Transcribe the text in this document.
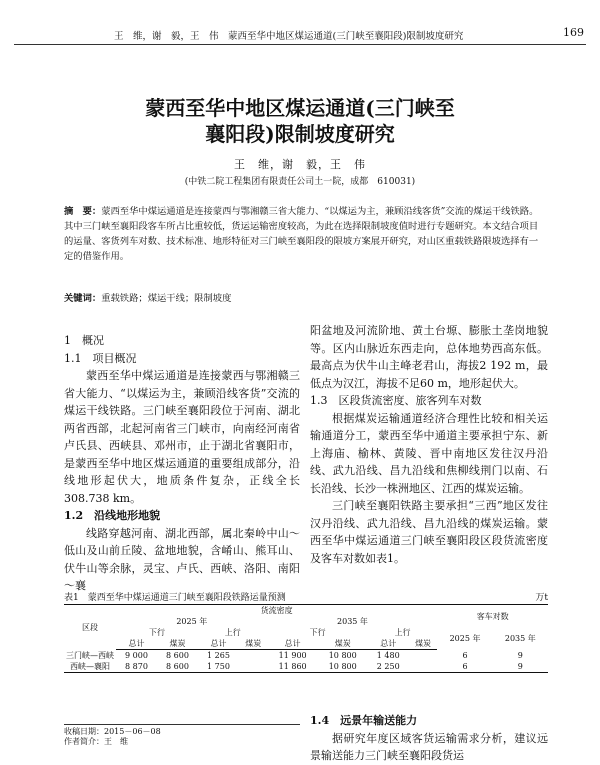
王　维，谢　毅，王　伟　蒙西至华中地区煤运通道(三门峡至襄阳段)限制坡度研究	169
蒙西至华中地区煤运通道(三门峡至
襄阳段)限制坡度研究
王　维，谢　毅，王　伟
(中铁二院工程集团有限责任公司土一院，成都　610031)
摘　要：蒙西至华中煤运通道是连接蒙西与鄂湘赣三省大能力、“以煤运为主，兼顾沿线客货”交流的煤运干线铁路。其中三门峡至襄阳段客车所占比重较低，货运运输密度较高，为此在选择限制坡度值时进行专题研究。本文结合项目的运量、客货列车对数、技术标准、地形特征对三门峡至襄阳段的限坡方案展开研究，对山区重载铁路限坡选择有一定的借鉴作用。
关键词：重载铁路；煤运干线；限制坡度

1　概况

1.1　项目概况

蒙西至华中煤运通道是连接蒙西与鄂湘赣三省大能力、“以煤运为主，兼顾沿线客货”交流的煤运干线铁路。三门峡至襄阳段位于河南、湖北两省西部，北起河南省三门峡市，向南经河南省卢氏县、西峡县、邓州市，止于湖北省襄阳市，是蒙西至华中地区煤运通道的重要组成部分，沿线地形起伏大，地质条件复杂，正线全长308.738 km。

1.2　沿线地形地貌

线路穿越河南、湖北西部，属北秦岭中山～低山及山前丘陵、盆地地貌，含崤山、熊耳山、伏牛山等余脉，灵宝、卢氏、西峡、洛阳、南阳～襄

阳盆地及河流阶地、黄土台塬、膨胀土垄岗地貌等。区内山脉近东西走向，总体地势西高东低。最高点为伏牛山主峰老君山，海拔2 192 m，最低点为汉江，海拔不足60 m，地形起伏大。

1.3　区段货流密度、旅客列车对数

根据煤炭运输通道经济合理性比较和相关运输通道分工，蒙西至华中通道主要承担宁东、新上海庙、榆林、黄陵、晋中南地区发往汉丹沿线、武九沿线、昌九沿线和焦柳线荆门以南、石长沿线、长沙一株洲地区、江西的煤炭运输。

三门峡至襄阳铁路主要承担“三西”地区发往汉丹沿线、武九沿线、昌九沿线的煤炭运输。蒙西至华中煤运通道三门峡至襄阳段区段货流密度及客车对数如表1。

表1　蒙西至华中煤运通道三门峡至襄阳段铁路运量预测	万t
区段	货流密度								客车对数	
	2025 年				2035 年					
	下行		上行		下行		上行		2025 年	2035 年
	总计	煤炭	总计	煤炭	总计	煤炭	总计	煤炭		
三门峡—西峡	9 000	8 600	1 265		11 900	10 800	1 480		6	9
西峡—襄阳	8 870	8 600	1 750		11 860	10 800	2 250		6	9

1.4　远景年输送能力

据研究年度区域客货运输需求分析，建议远景输送能力三门峡至襄阳段货运

收稿日期：2015－06－08
作者简介：王　维
